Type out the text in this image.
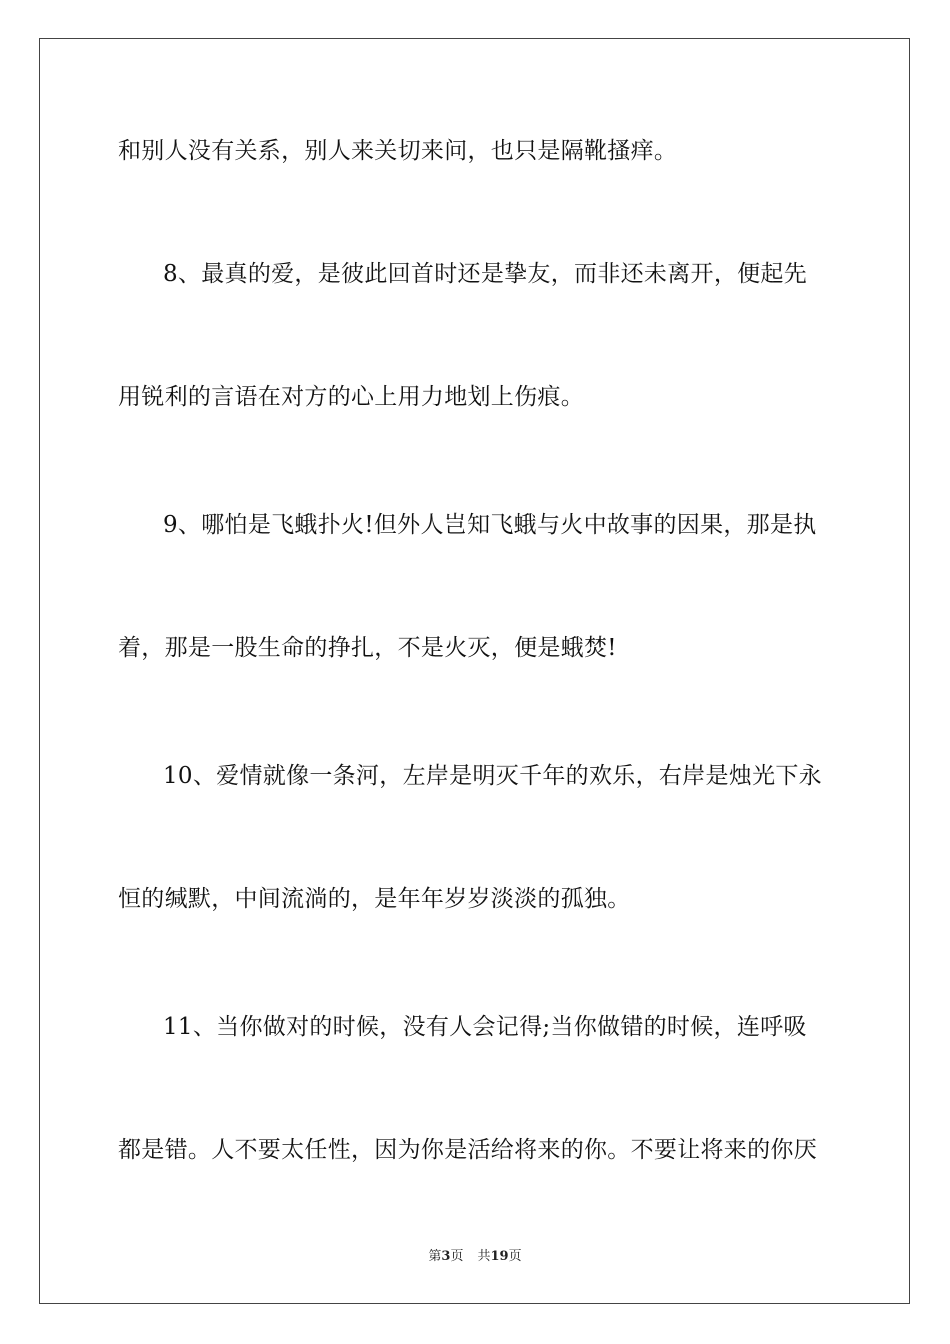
和别人没有关系，别人来关切来问，也只是隔靴搔痒。
8、最真的爱，是彼此回首时还是挚友，而非还未离开，便起先
用锐利的言语在对方的心上用力地划上伤痕。
9、哪怕是飞蛾扑火!但外人岂知飞蛾与火中故事的因果，那是执
着，那是一股生命的挣扎，不是火灭，便是蛾焚!
10、爱情就像一条河，左岸是明灭千年的欢乐，右岸是烛光下永
恒的缄默，中间流淌的，是年年岁岁淡淡的孤独。
11、当你做对的时候，没有人会记得;当你做错的时候，连呼吸
都是错。人不要太任性，因为你是活给将来的你。不要让将来的你厌
第3页 共19页
